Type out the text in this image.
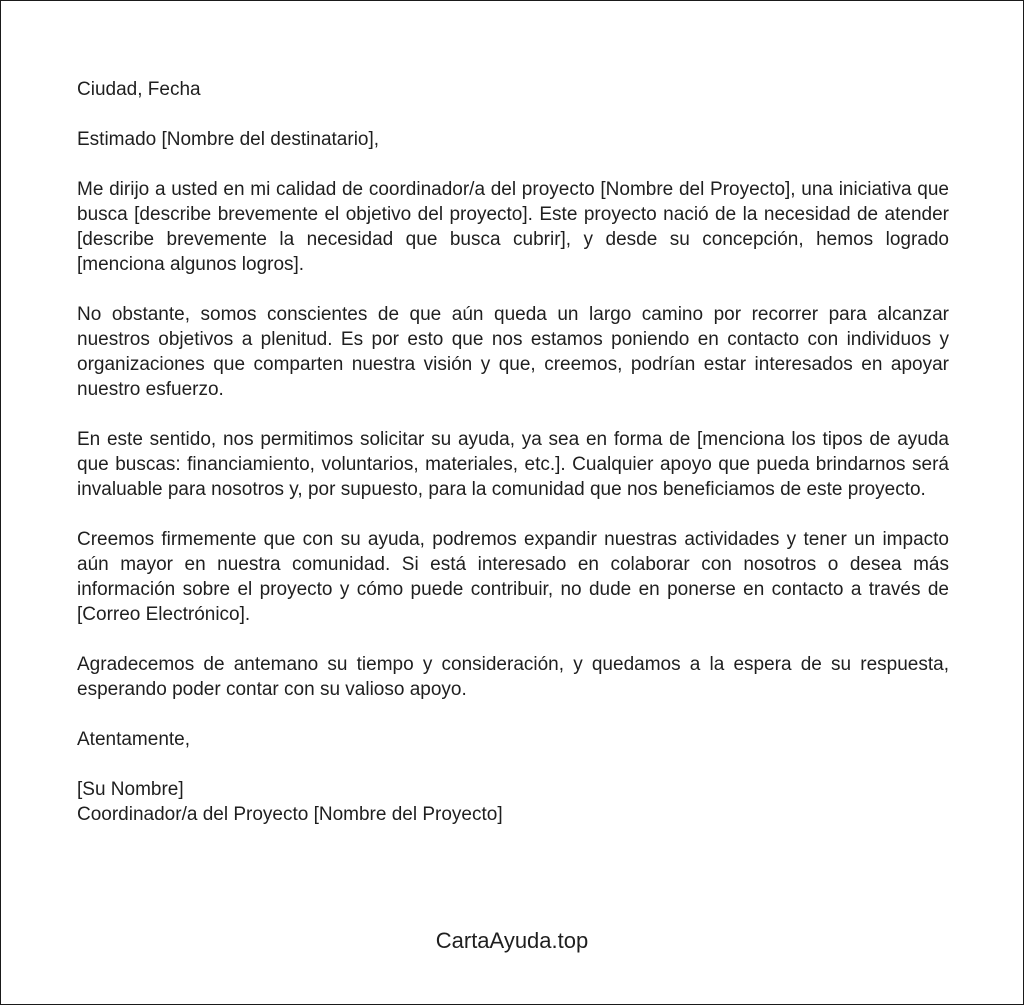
Ciudad, Fecha

Estimado [Nombre del destinatario],

Me dirijo a usted en mi calidad de coordinador/a del proyecto [Nombre del Proyecto], una iniciativa que busca [describe brevemente el objetivo del proyecto]. Este proyecto nació de la necesidad de atender [describe brevemente la necesidad que busca cubrir], y desde su concepción, hemos logrado [menciona algunos logros].

No obstante, somos conscientes de que aún queda un largo camino por recorrer para alcanzar nuestros objetivos a plenitud. Es por esto que nos estamos poniendo en contacto con individuos y organizaciones que comparten nuestra visión y que, creemos, podrían estar interesados en apoyar nuestro esfuerzo.

En este sentido, nos permitimos solicitar su ayuda, ya sea en forma de [menciona los tipos de ayuda que buscas: financiamiento, voluntarios, materiales, etc.]. Cualquier apoyo que pueda brindarnos será invaluable para nosotros y, por supuesto, para la comunidad que nos beneficiamos de este proyecto.

Creemos firmemente que con su ayuda, podremos expandir nuestras actividades y tener un impacto aún mayor en nuestra comunidad. Si está interesado en colaborar con nosotros o desea más información sobre el proyecto y cómo puede contribuir, no dude en ponerse en contacto a través de [Correo Electrónico].

Agradecemos de antemano su tiempo y consideración, y quedamos a la espera de su respuesta, esperando poder contar con su valioso apoyo.

Atentamente,

[Su Nombre]
Coordinador/a del Proyecto [Nombre del Proyecto]
CartaAyuda.top
